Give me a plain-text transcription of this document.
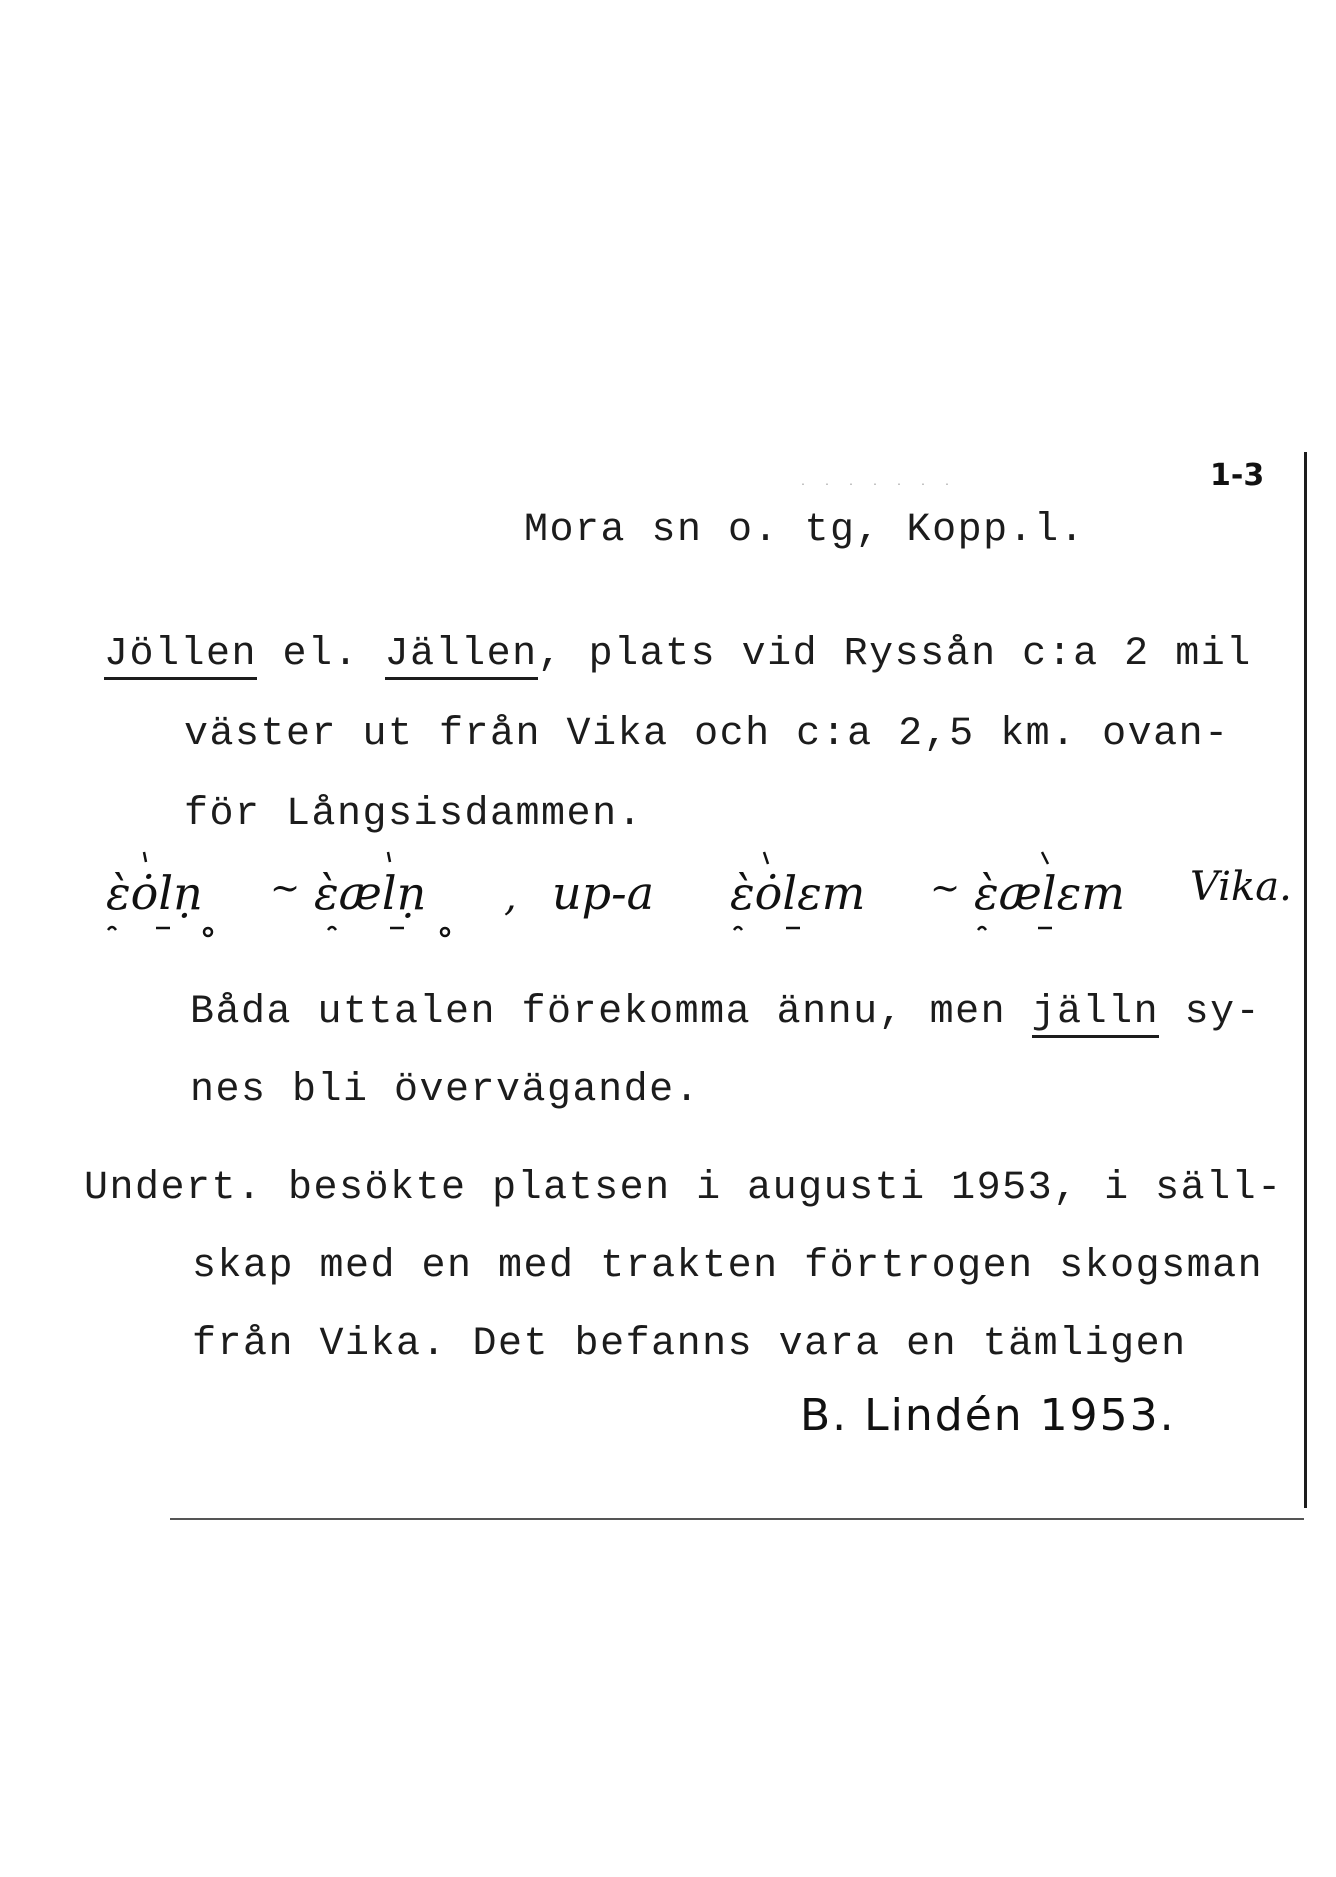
· · · · · · ·	1-3
Mora sn o. tg, Kopp.l.
Jöllen el. Jällen, plats vid Ryssån c:a 2 mil
väster ut från Vika och c:a 2,5 km. ovan-
för Långsisdammen.
ɛ̀ȯlṇ ~ ɛ̀ælṇ , up-a ɛ̀ȯlɛm ~ ɛ̀ælɛm Vika.
Båda uttalen förekomma ännu, men jälln sy-
nes bli övervägande.
Undert. besökte platsen i augusti 1953, i säll-
skap med en med trakten förtrogen skogsman
från Vika. Det befanns vara en tämligen
B. Lindén 1953.
